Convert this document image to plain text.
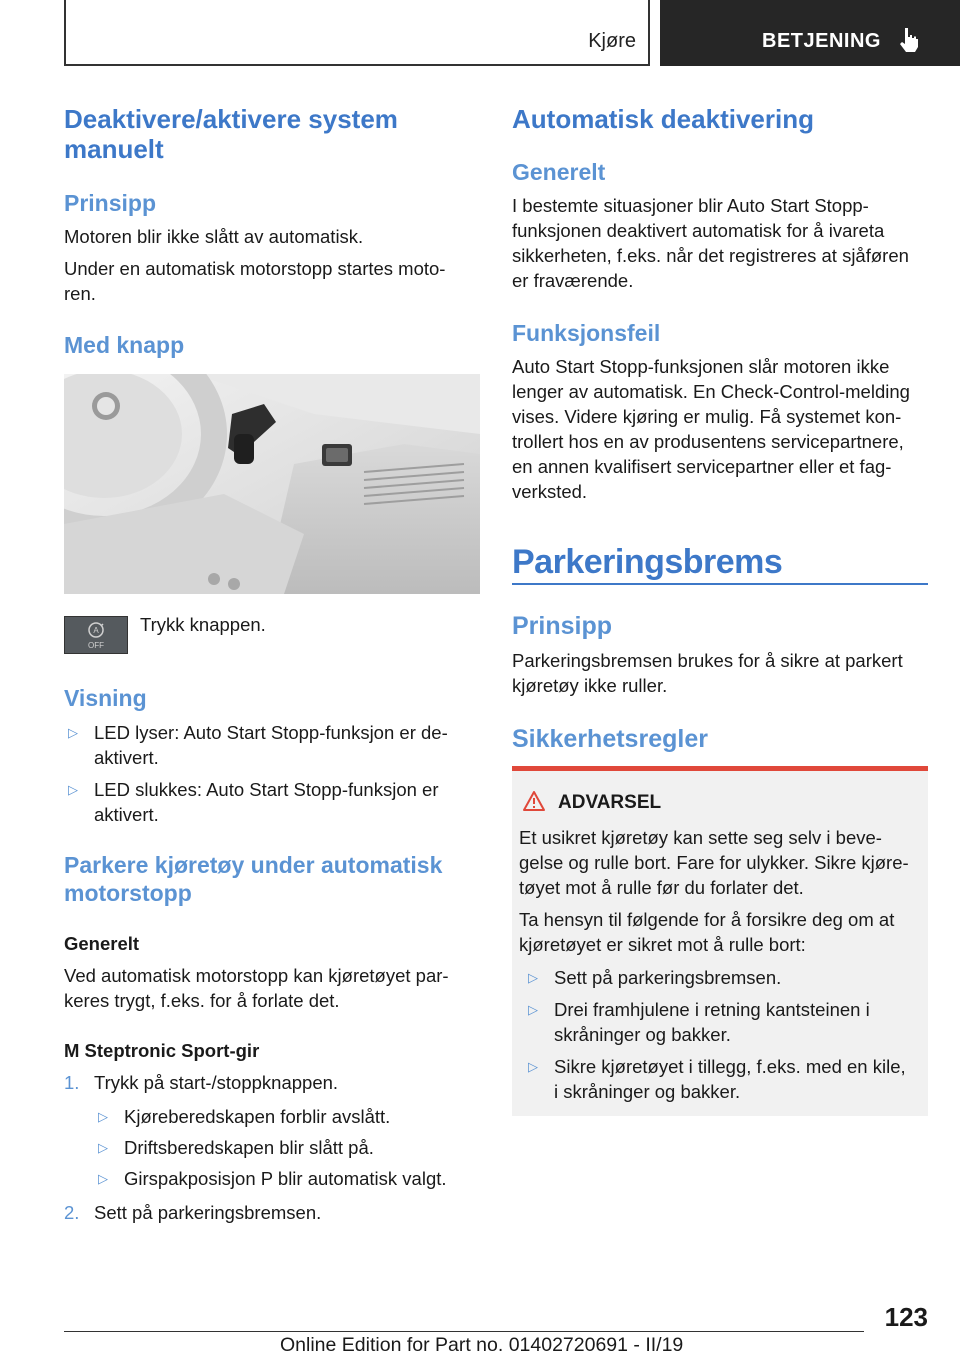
Kjøre	BETJENING
Deaktivere/aktivere system
manuelt
Prinsipp
Motoren blir ikke slått av automatisk.
Under en automatisk motorstopp startes moto-
ren.
Med knapp
A
OFF
Trykk knappen.
Visning
▷ LED lyser: Auto Start Stopp-funksjon er de-
aktivert.
▷ LED slukkes: Auto Start Stopp-funksjon er
aktivert.
Parkere kjøretøy under automatisk
motorstopp
Generelt
Ved automatisk motorstopp kan kjøretøyet par-
keres trygt, f.eks. for å forlate det.
M Steptronic Sport-gir
1. Trykk på start-/stoppknappen.
▷ Kjørеberedskapen forblir avslått.
▷ Driftsberedskapen blir slått på.
▷ Girspakposisjon P blir automatisk valgt.
2. Sett på parkeringsbremsen.
Automatisk deaktivering
Generelt
I bestemte situasjoner blir Auto Start Stopp-
funksjonen deaktivert automatisk for å ivareta
sikkerheten, f.eks. når det registreres at sjåføren
er fraværende.
Funksjonsfeil
Auto Start Stopp-funksjonen slår motoren ikke
lenger av automatisk. En Check-Control-melding
vises. Videre kjøring er mulig. Få systemet kon-
trollert hos en av produsentens servicepartnere,
en annen kvalifisert servicepartner eller et fag-
verksted.
Parkeringsbrems
Prinsipp
Parkeringsbremsen brukes for å sikre at parkert
kjøretøy ikke ruller.
Sikkerhetsregler
ADVARSEL
Et usikret kjøretøy kan sette seg selv i beve-
gelse og rulle bort. Fare for ulykker. Sikre kjøre-
tøyet mot å rulle før du forlater det.
Ta hensyn til følgende for å forsikre deg om at
kjøretøyet er sikret mot å rulle bort:
▷ Sett på parkeringsbremsen.
▷ Drei framhjulene i retning kantsteinen i
skråninger og bakker.
▷ Sikre kjøretøyet i tillegg, f.eks. med en kile,
i skråninger og bakker.
123
Online Edition for Part no. 01402720691 - II/19
